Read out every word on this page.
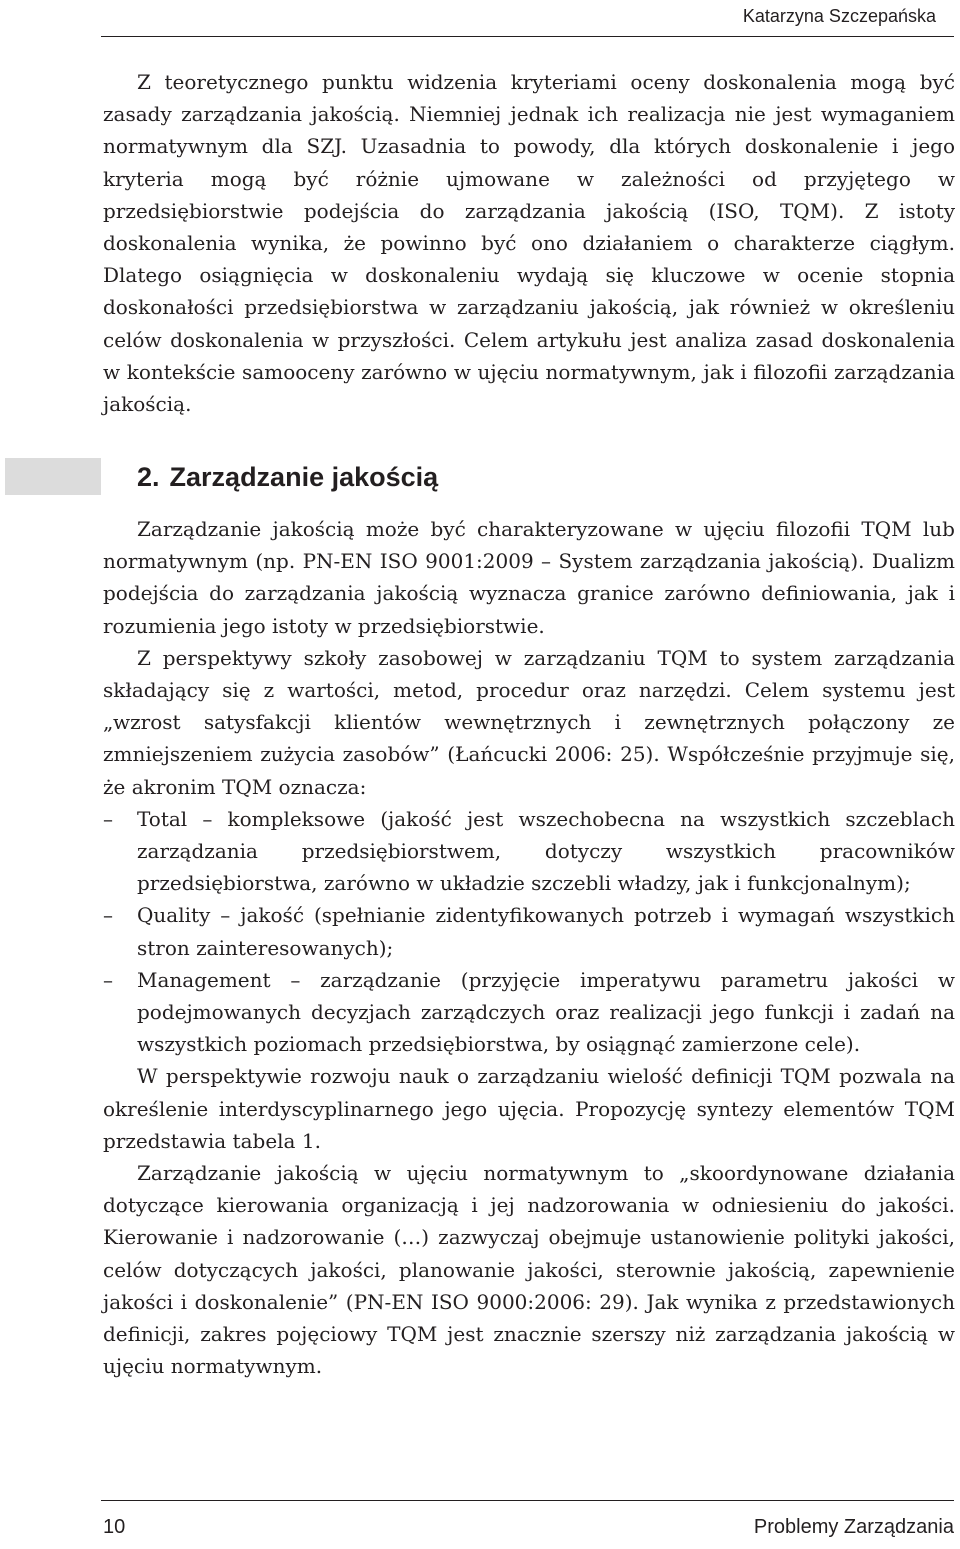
Katarzyna Szczepańska

Z teoretycznego punktu widzenia kryteriami oceny doskonalenia mogą być zasady zarządzania jakością. Niemniej jednak ich realizacja nie jest wymaganiem normatywnym dla SZJ. Uzasadnia to powody, dla których doskonalenie i jego kryteria mogą być różnie ujmowane w zależności od przyjętego w przedsiębiorstwie podejścia do zarządzania jakością (ISO, TQM). Z istoty doskonalenia wynika, że powinno być ono działaniem o charakterze ciągłym. Dlatego osiągnięcia w doskonaleniu wydają się kluczowe w ocenie stopnia doskonałości przedsiębiorstwa w zarządzaniu jakością, jak również w określeniu celów doskonalenia w przyszłości. Celem artykułu jest analiza zasad doskonalenia w kontekście samooceny zarówno w ujęciu normatywnym, jak i filozofii zarządzania jakością.

2. Zarządzanie jakością

Zarządzanie jakością może być charakteryzowane w ujęciu filozofii TQM lub normatywnym (np. PN-EN ISO 9001:2009 – System zarządzania jakością). Dualizm podejścia do zarządzania jakością wyznacza granice zarówno definiowania, jak i rozumienia jego istoty w przedsiębiorstwie.

Z perspektywy szkoły zasobowej w zarządzaniu TQM to system zarządzania składający się z wartości, metod, procedur oraz narzędzi. Celem systemu jest „wzrost satysfakcji klientów wewnętrznych i zewnętrznych połączony ze zmniejszeniem zużycia zasobów” (Łańcucki 2006: 25). Współcześnie przyjmuje się, że akronim TQM oznacza:

– Total – kompleksowe (jakość jest wszechobecna na wszystkich szczeblach zarządzania przedsiębiorstwem, dotyczy wszystkich pracowników przedsiębiorstwa, zarówno w układzie szczebli władzy, jak i funkcjonalnym);
– Quality – jakość (spełnianie zidentyfikowanych potrzeb i wymagań wszystkich stron zainteresowanych);
– Management – zarządzanie (przyjęcie imperatywu parametru jakości w podejmowanych decyzjach zarządczych oraz realizacji jego funkcji i zadań na wszystkich poziomach przedsiębiorstwa, by osiągnąć zamierzone cele).

W perspektywie rozwoju nauk o zarządzaniu wielość definicji TQM pozwala na określenie interdyscyplinarnego jego ujęcia. Propozycję syntezy elementów TQM przedstawia tabela 1.

Zarządzanie jakością w ujęciu normatywnym to „skoordynowane działania dotyczące kierowania organizacją i jej nadzorowania w odniesieniu do jakości. Kierowanie i nadzorowanie (…) zazwyczaj obejmuje ustanowienie polityki jakości, celów dotyczących jakości, planowanie jakości, sterownie jakością, zapewnienie jakości i doskonalenie” (PN-EN ISO 9000:2006: 29). Jak wynika z przedstawionych definicji, zakres pojęciowy TQM jest znacznie szerszy niż zarządzania jakością w ujęciu normatywnym.

10	Problemy Zarządzania
